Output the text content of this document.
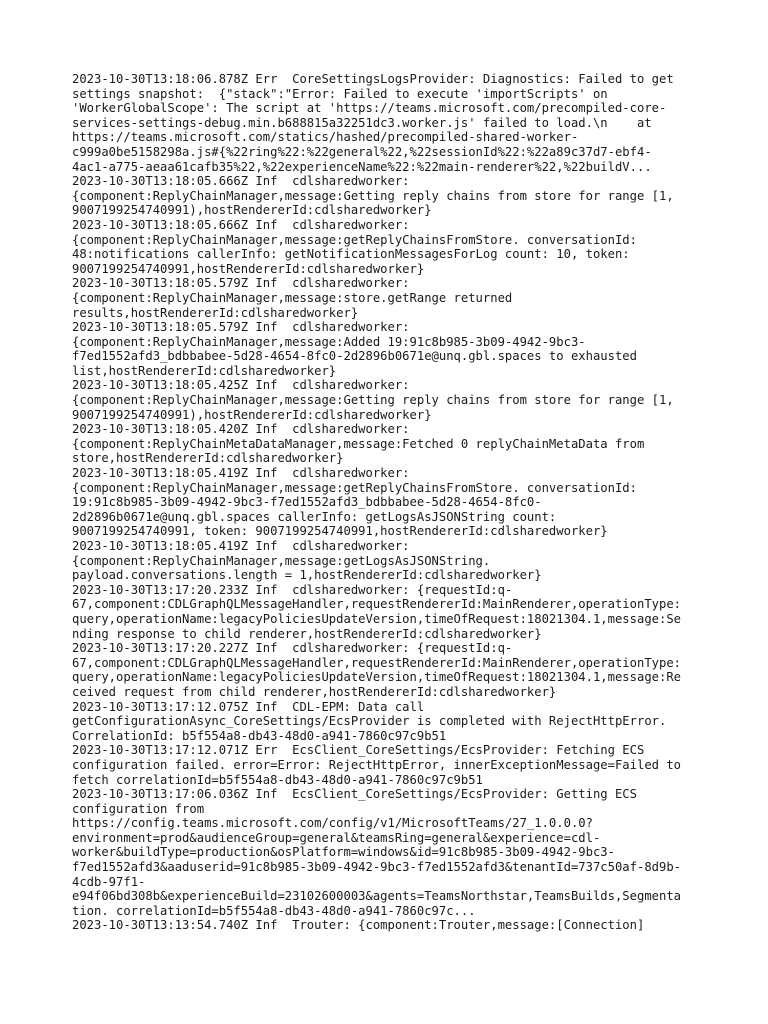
2023-10-30T13:18:06.878Z Err  CoreSettingsLogsProvider: Diagnostics: Failed to get
settings snapshot:  {"stack":"Error: Failed to execute 'importScripts' on
'WorkerGlobalScope': The script at 'https://teams.microsoft.com/precompiled-core-
services-settings-debug.min.b688815a32251dc3.worker.js' failed to load.\n    at
https://teams.microsoft.com/statics/hashed/precompiled-shared-worker-
c999a0be5158298a.js#{%22ring%22:%22general%22,%22sessionId%22:%22a89c37d7-ebf4-
4ac1-a775-aeaa61cafb35%22,%22experienceName%22:%22main-renderer%22,%22buildV...
2023-10-30T13:18:05.666Z Inf  cdlsharedworker:
{component:ReplyChainManager,message:Getting reply chains from store for range [1,
9007199254740991),hostRendererId:cdlsharedworker}
2023-10-30T13:18:05.666Z Inf  cdlsharedworker:
{component:ReplyChainManager,message:getReplyChainsFromStore. conversationId:
48:notifications callerInfo: getNotificationMessagesForLog count: 10, token:
9007199254740991,hostRendererId:cdlsharedworker}
2023-10-30T13:18:05.579Z Inf  cdlsharedworker:
{component:ReplyChainManager,message:store.getRange returned
results,hostRendererId:cdlsharedworker}
2023-10-30T13:18:05.579Z Inf  cdlsharedworker:
{component:ReplyChainManager,message:Added 19:91c8b985-3b09-4942-9bc3-
f7ed1552afd3_bdbbabee-5d28-4654-8fc0-2d2896b0671e@unq.gbl.spaces to exhausted
list,hostRendererId:cdlsharedworker}
2023-10-30T13:18:05.425Z Inf  cdlsharedworker:
{component:ReplyChainManager,message:Getting reply chains from store for range [1,
9007199254740991),hostRendererId:cdlsharedworker}
2023-10-30T13:18:05.420Z Inf  cdlsharedworker:
{component:ReplyChainMetaDataManager,message:Fetched 0 replyChainMetaData from
store,hostRendererId:cdlsharedworker}
2023-10-30T13:18:05.419Z Inf  cdlsharedworker:
{component:ReplyChainManager,message:getReplyChainsFromStore. conversationId:
19:91c8b985-3b09-4942-9bc3-f7ed1552afd3_bdbbabee-5d28-4654-8fc0-
2d2896b0671e@unq.gbl.spaces callerInfo: getLogsAsJSONString count:
9007199254740991, token: 9007199254740991,hostRendererId:cdlsharedworker}
2023-10-30T13:18:05.419Z Inf  cdlsharedworker:
{component:ReplyChainManager,message:getLogsAsJSONString.
payload.conversations.length = 1,hostRendererId:cdlsharedworker}
2023-10-30T13:17:20.233Z Inf  cdlsharedworker: {requestId:q-
67,component:CDLGraphQLMessageHandler,requestRendererId:MainRenderer,operationType:
query,operationName:legacyPoliciesUpdateVersion,timeOfRequest:18021304.1,message:Se
nding response to child renderer,hostRendererId:cdlsharedworker}
2023-10-30T13:17:20.227Z Inf  cdlsharedworker: {requestId:q-
67,component:CDLGraphQLMessageHandler,requestRendererId:MainRenderer,operationType:
query,operationName:legacyPoliciesUpdateVersion,timeOfRequest:18021304.1,message:Re
ceived request from child renderer,hostRendererId:cdlsharedworker}
2023-10-30T13:17:12.075Z Inf  CDL-EPM: Data call
getConfigurationAsync_CoreSettings/EcsProvider is completed with RejectHttpError.
CorrelationId: b5f554a8-db43-48d0-a941-7860c97c9b51
2023-10-30T13:17:12.071Z Err  EcsClient_CoreSettings/EcsProvider: Fetching ECS
configuration failed. error=Error: RejectHttpError, innerExceptionMessage=Failed to
fetch correlationId=b5f554a8-db43-48d0-a941-7860c97c9b51
2023-10-30T13:17:06.036Z Inf  EcsClient_CoreSettings/EcsProvider: Getting ECS
configuration from
https://config.teams.microsoft.com/config/v1/MicrosoftTeams/27_1.0.0.0?
environment=prod&audienceGroup=general&teamsRing=general&experience=cdl-
worker&buildType=production&osPlatform=windows&id=91c8b985-3b09-4942-9bc3-
f7ed1552afd3&aaduserid=91c8b985-3b09-4942-9bc3-f7ed1552afd3&tenantId=737c50af-8d9b-
4cdb-97f1-
e94f06bd308b&experienceBuild=23102600003&agents=TeamsNorthstar,TeamsBuilds,Segmenta
tion. correlationId=b5f554a8-db43-48d0-a941-7860c97c...
2023-10-30T13:13:54.740Z Inf  Trouter: {component:Trouter,message:[Connection]
